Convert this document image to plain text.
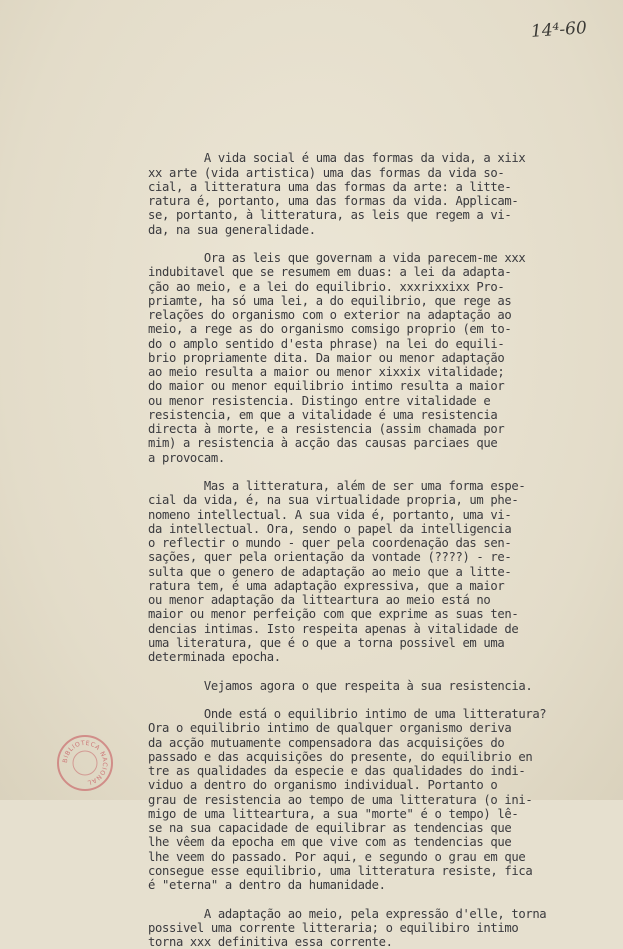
14⁴-60

A vida social é uma das formas da vida, a xiix
xx arte (vida artistica) uma das formas da vida so-
cial, a litteratura uma das formas da arte: a litte-
ratura é, portanto, uma das formas da vida. Applicam-
se, portanto, à litteratura, as leis que regem a vi-
da, na sua generalidade.

Ora as leis que governam a vida parecem-me xxx
indubitavel que se resumem em duas: a lei da adapta-
ção ao meio, e a lei do equilibrio. xxxrixxixx Pro-
priamte, ha só uma lei, a do equilibrio, que rege as
relações do organismo com o exterior na adaptação ao
meio, a rege as do organismo comsigo proprio (em to-
do o amplo sentido d'esta phrase) na lei do equili-
brio propriamente dita. Da maior ou menor adaptação
ao meio resulta a maior ou menor xixxix vitalidade;
do maior ou menor equilibrio intimo resulta a maior
ou menor resistencia. Distingo entre vitalidade e
resistencia, em que a vitalidade é uma resistencia
directa à morte, e a resistencia (assim chamada por
mim) a resistencia à acção das causas parciaes que
a provocam.

Mas a litteratura, além de ser uma forma espe-
cial da vida, é, na sua virtualidade propria, um phe-
nomeno intellectual. A sua vida é, portanto, uma vi-
da intellectual. Ora, sendo o papel da intelligencia
o reflectir o mundo - quer pela coordenação das sen-
sações, quer pela orientação da vontade (????) - re-
sulta que o genero de adaptação ao meio que a litte-
ratura tem, é uma adaptação expressiva, que a maior
ou menor adaptação da litteartura ao meio está no
maior ou menor perfeição com que exprime as suas ten-
dencias intimas. Isto respeita apenas à vitalidade de
uma literatura, que é o que a torna possivel em uma
determinada epocha.

Vejamos agora o que respeita à sua resistencia.

Onde está o equilibrio intimo de uma litteratura?
Ora o equilibrio intimo de qualquer organismo deriva
da acção mutuamente compensadora das acquisições do
passado e das acquisições do presente, do equilibrio en
tre as qualidades da especie e das qualidades do indi-
viduo a dentro do organismo individual. Portanto o
grau de resistencia ao tempo de uma litteratura (o ini-
migo de uma litteartura, a sua "morte" é o tempo) lê-
se na sua capacidade de equilibrar as tendencias que
lhe vêem da epocha em que vive com as tendencias que
lhe veem do passado. Por aqui, e segundo o grau em que
consegue esse equilibrio, uma litteratura resiste, fica
é "eterna" a dentro da humanidade.

A adaptação ao meio, pela expressão d'elle, torna
possivel uma corrente litteraria; o equilibiro intimo
torna xxx definitiva essa corrente.

BIBLIOTECA NACIONAL
